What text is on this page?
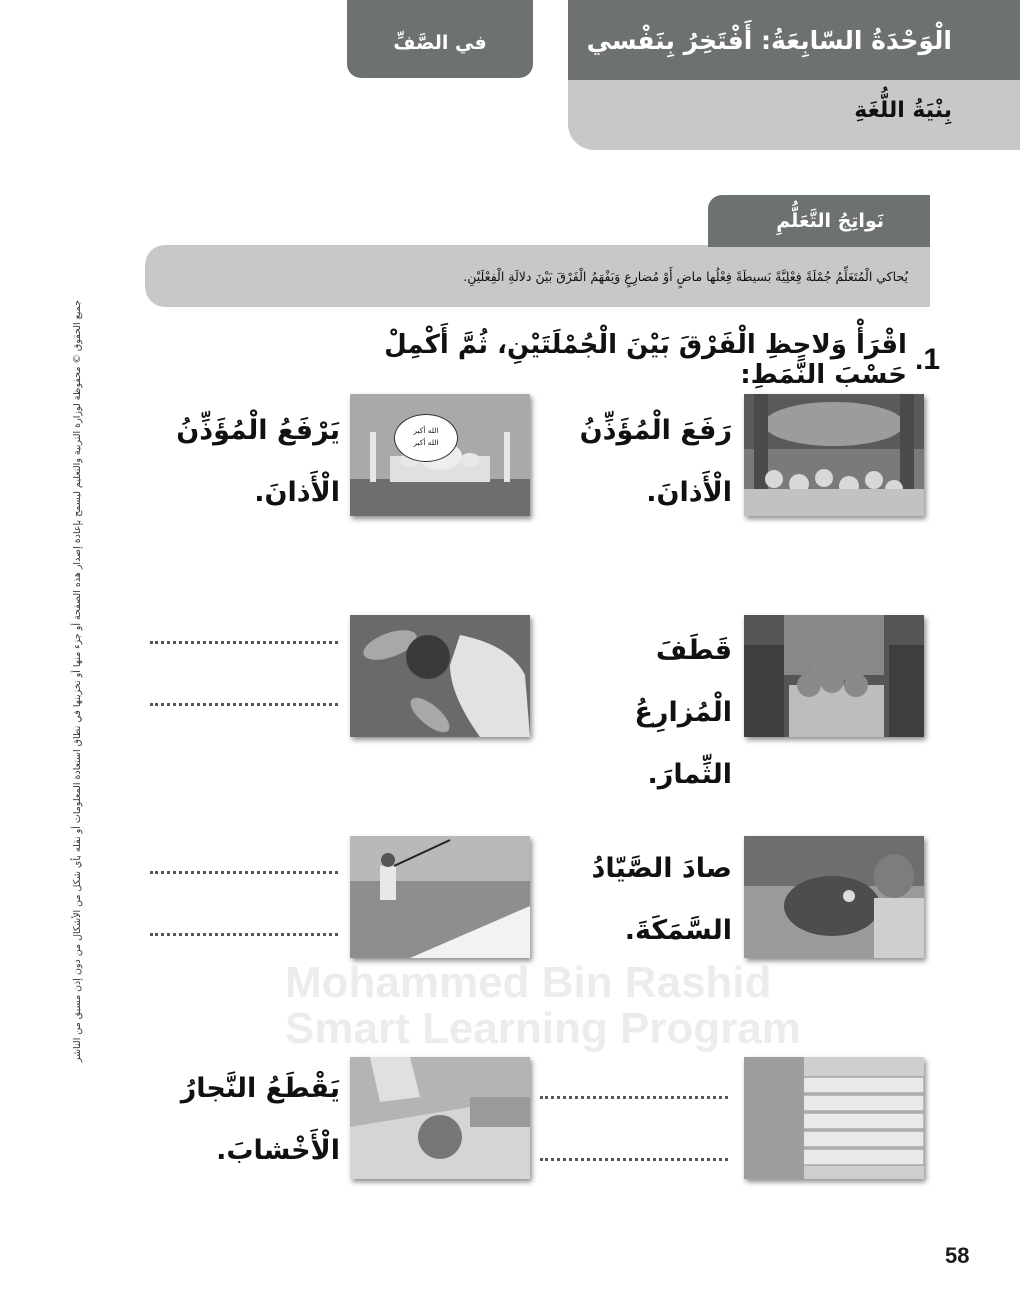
في الصَّفِّ	الْوَحْدَةُ السّابِعَةُ: أَفْتَخِرُ بِنَفْسي
بِنْيَةُ اللُّغَةِ
يُحاكي الْمُتَعَلِّمُ جُمْلَةً فِعْلِيَّةً بَسيطَةً فِعْلُها ماضٍ أَوْ مُضارِعٍ وَيَفْهَمُ الْفَرْقَ بَيْنَ دلالَةِ الْفِعْلَيْنِ.
نَواتِجُ التَّعَلُّمِ
جميع الحقوق © محفوظة لوزارة التربية والتعليم ليسمح بإعادة إصدار هذه الصفحة أو جزء منها أو تخزينها في نطاق استعادة المعلومات أو نقله بأي شكل من الأشكال من دون إذن مسبق من الناشر	Mohammed Bin Rashid
Smart Learning Program
1.
اقْرَأْ وَلاحِظِ الْفَرْقَ بَيْنَ الْجُمْلَتَيْنِ، ثُمَّ أَكْمِلْ حَسْبَ النَّمَطِ:
رَفَعَ الْمُؤَذِّنُ
الْأَذانَ.
الله أكبر
الله أكبر
يَرْفَعُ الْمُؤَذِّنُ
الْأَذانَ.
قَطَفَ الْمُزارِعُ
الثِّمارَ.
صادَ الصَّيّادُ
السَّمَكَةَ.
يَقْطَعُ النَّجارُ
الْأَخْشابَ.
58
